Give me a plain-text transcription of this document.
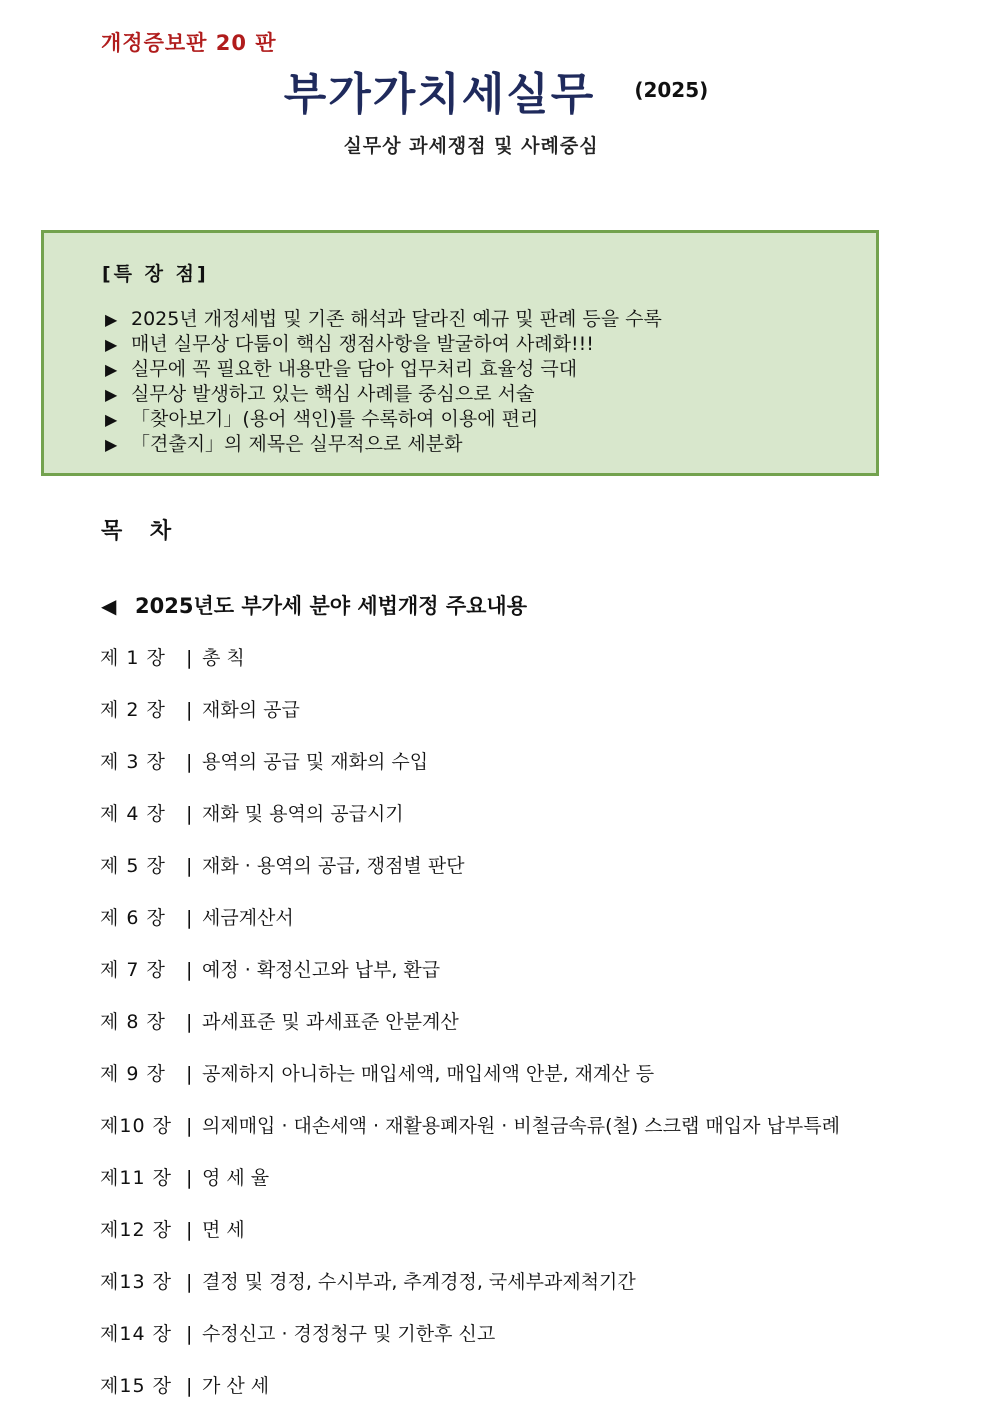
개정증보판 20 판
부가가치세실무 (2025)
실무상 과세쟁점 및 사례중심
[특 장 점]
▶ 2025년 개정세법 및 기존 해석과 달라진 예규 및 판례 등을 수록
▶ 매년 실무상 다툼이 핵심 쟁점사항을 발굴하여 사례화!!!
▶ 실무에 꼭 필요한 내용만을 담아 업무처리 효율성 극대
▶ 실무상 발생하고 있는 핵심 사례를 중심으로 서술
▶ 「찾아보기」(용어 색인)를 수록하여 이용에 편리
▶ 「견출지」의 제목은 실무적으로 세분화
목 차
◀ 2025년도 부가세 분야 세법개정 주요내용
제 1 장 | 총 칙
제 2 장 | 재화의 공급
제 3 장 | 용역의 공급 및 재화의 수입
제 4 장 | 재화 및 용역의 공급시기
제 5 장 | 재화 · 용역의 공급, 쟁점별 판단
제 6 장 | 세금계산서
제 7 장 | 예정 · 확정신고와 납부, 환급
제 8 장 | 과세표준 및 과세표준 안분계산
제 9 장 | 공제하지 아니하는 매입세액, 매입세액 안분, 재계산 등
제10 장 | 의제매입 · 대손세액 · 재활용폐자원 · 비철금속류(철) 스크랩 매입자 납부특례
제11 장 | 영 세 율
제12 장 | 면 세
제13 장 | 결정 및 경정, 수시부과, 추계경정, 국세부과제척기간
제14 장 | 수정신고 · 경정청구 및 기한후 신고
제15 장 | 가 산 세
